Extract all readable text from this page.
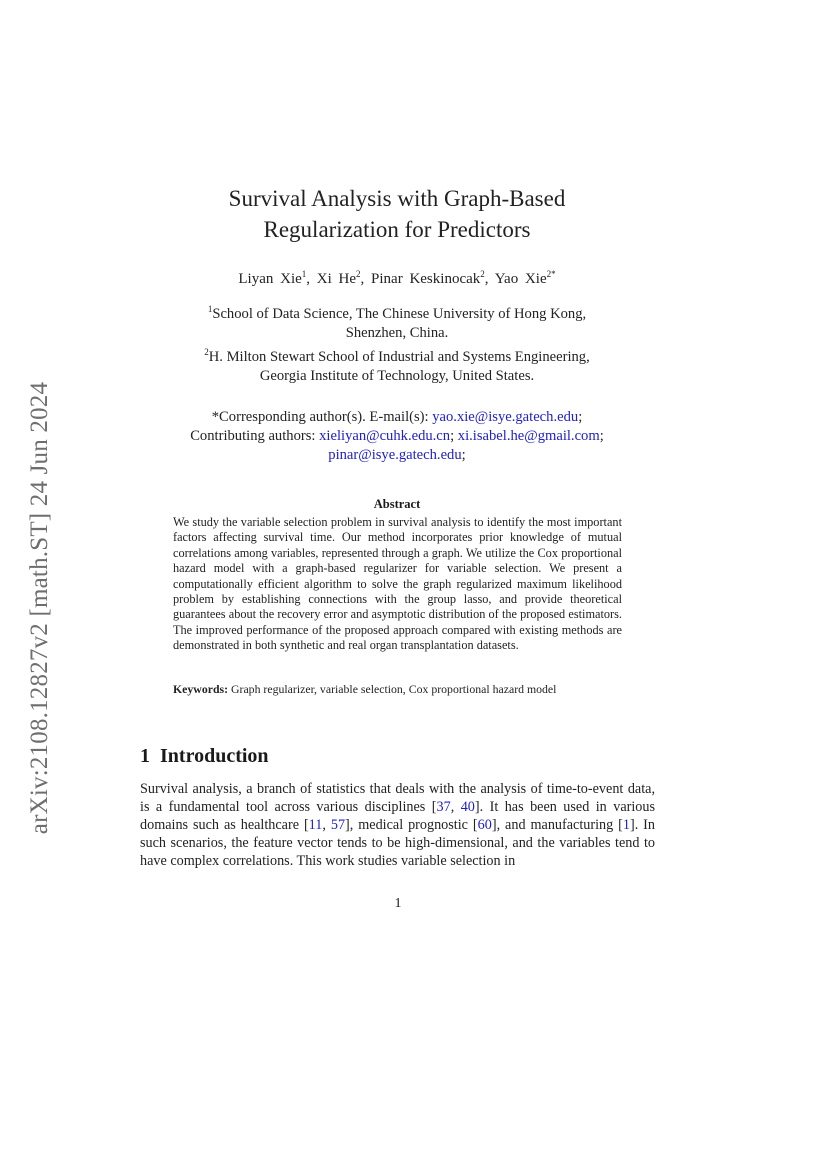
arXiv:2108.12827v2 [math.ST] 24 Jun 2024
Survival Analysis with Graph-Based
Regularization for Predictors
Liyan Xie$^1$, Xi He$^2$, Pinar Keskinocak$^2$, Yao Xie$^{2*}$
$^1$School of Data Science, The Chinese University of Hong Kong,
Shenzhen, China.
$^2$H. Milton Stewart School of Industrial and Systems Engineering,
Georgia Institute of Technology, United States.
*Corresponding author(s). E-mail(s): yao.xie@isye.gatech.edu;
Contributing authors: xieliyan@cuhk.edu.cn; xi.isabel.he@gmail.com;
pinar@isye.gatech.edu;
Abstract
We study the variable selection problem in survival analysis to identify the most important factors affecting survival time. Our method incorporates prior knowledge of mutual correlations among variables, represented through a graph. We utilize the Cox proportional hazard model with a graph-based regularizer for variable selection. We present a computationally efficient algorithm to solve the graph regularized maximum likelihood problem by establishing connections with the group lasso, and provide theoretical guarantees about the recovery error and asymptotic distribution of the proposed estimators. The improved performance of the proposed approach compared with existing methods are demonstrated in both synthetic and real organ transplantation datasets.
Keywords: Graph regularizer, variable selection, Cox proportional hazard model
1 Introduction
Survival analysis, a branch of statistics that deals with the analysis of time-to-event data, is a fundamental tool across various disciplines [37, 40]. It has been used in various domains such as healthcare [11, 57], medical prognostic [60], and manufacturing [1]. In such scenarios, the feature vector tends to be high-dimensional, and the variables tend to have complex correlations. This work studies variable selection in
1
